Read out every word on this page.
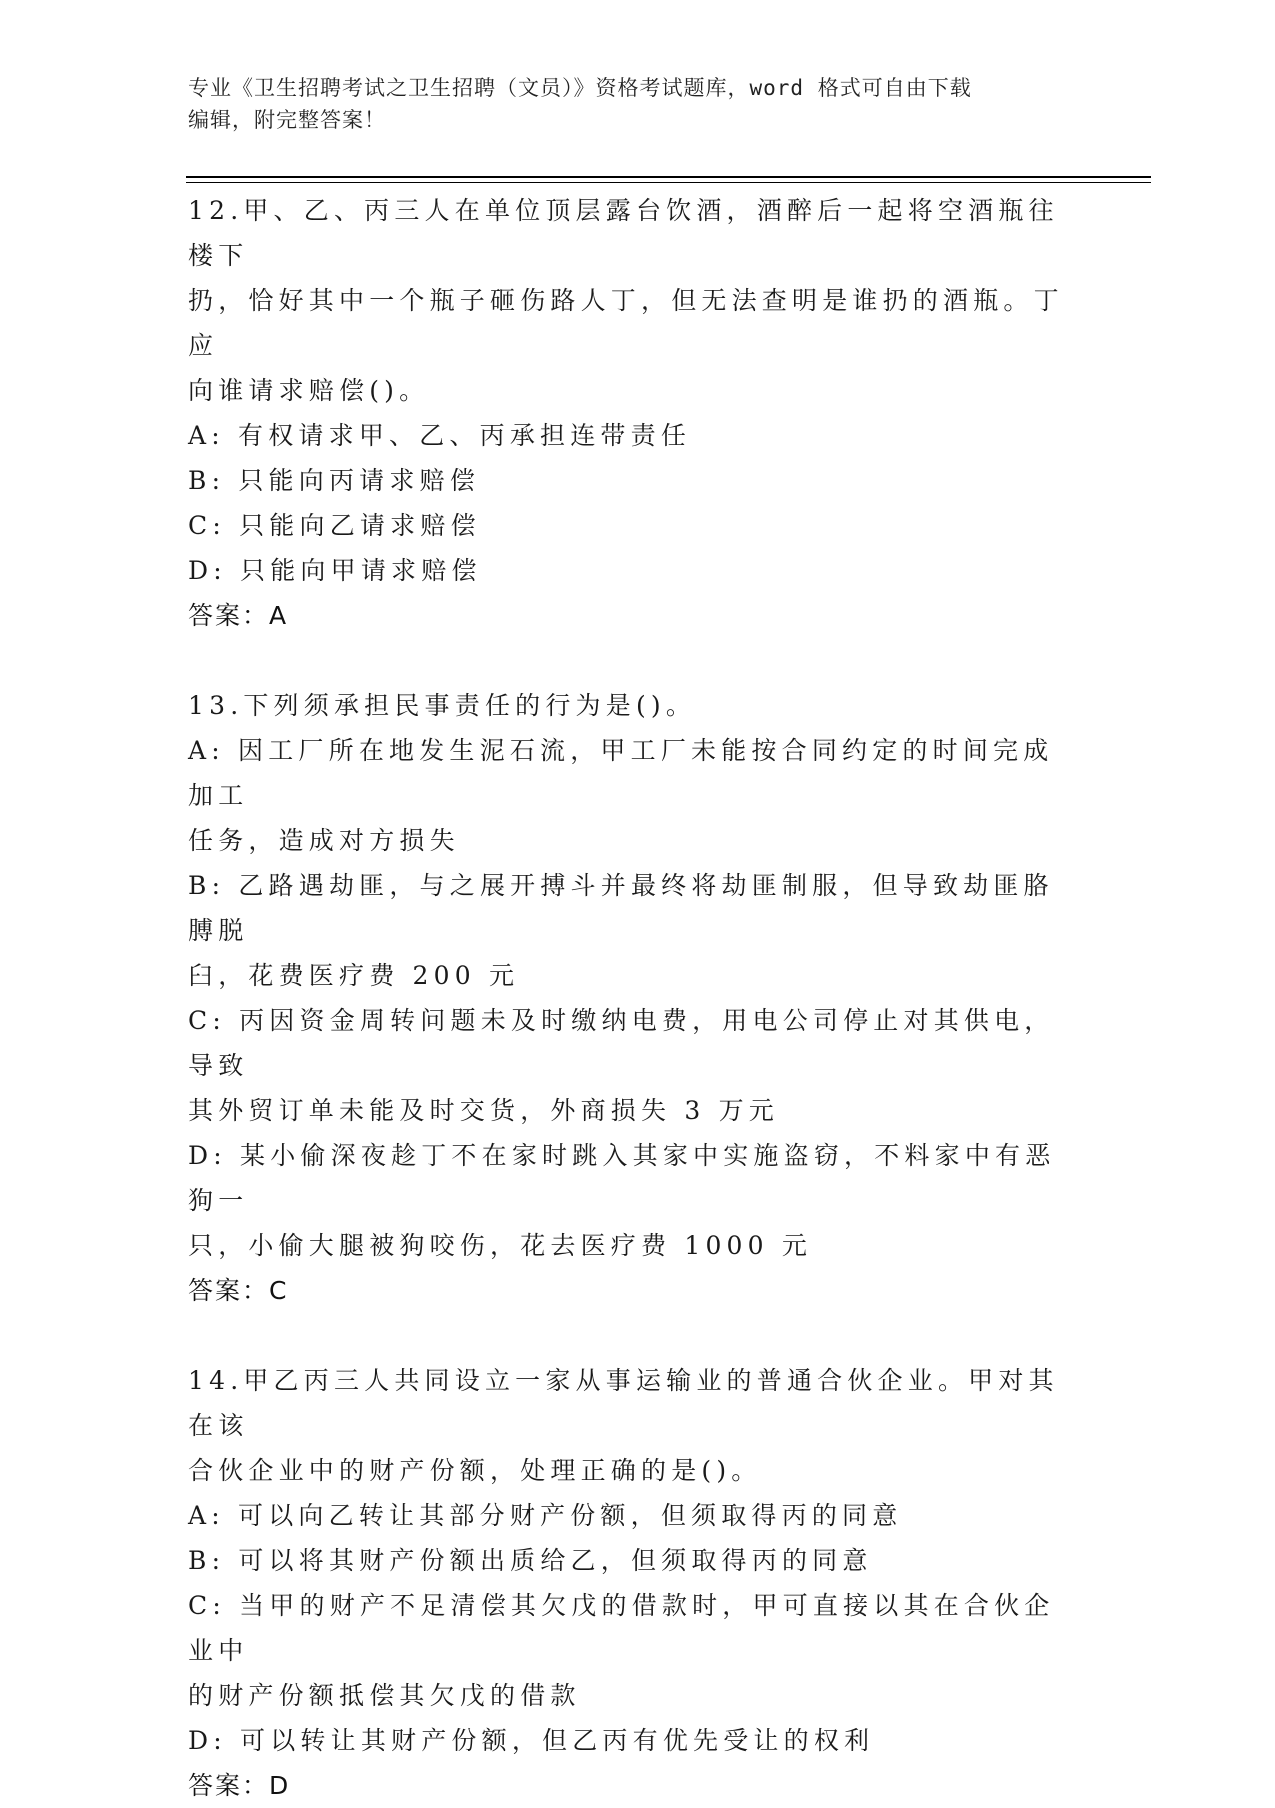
专业《卫生招聘考试之卫生招聘（文员）》资格考试题库，word 格式可自由下载
编辑，附完整答案！

12.甲、乙、丙三人在单位顶层露台饮酒，酒醉后一起将空酒瓶往楼下

扔，恰好其中一个瓶子砸伤路人丁，但无法查明是谁扔的酒瓶。丁应

向谁请求赔偿()。

A: 有权请求甲、乙、丙承担连带责任

B: 只能向丙请求赔偿

C: 只能向乙请求赔偿

D: 只能向甲请求赔偿

答案：A

13.下列须承担民事责任的行为是()。

A: 因工厂所在地发生泥石流，甲工厂未能按合同约定的时间完成加工

任务，造成对方损失

B: 乙路遇劫匪，与之展开搏斗并最终将劫匪制服，但导致劫匪胳膊脱

臼，花费医疗费 200 元

C: 丙因资金周转问题未及时缴纳电费，用电公司停止对其供电，导致

其外贸订单未能及时交货，外商损失 3 万元

D: 某小偷深夜趁丁不在家时跳入其家中实施盗窃，不料家中有恶狗一

只，小偷大腿被狗咬伤，花去医疗费 1000 元

答案：C

14.甲乙丙三人共同设立一家从事运输业的普通合伙企业。甲对其在该

合伙企业中的财产份额，处理正确的是()。

A: 可以向乙转让其部分财产份额，但须取得丙的同意

B: 可以将其财产份额出质给乙，但须取得丙的同意

C: 当甲的财产不足清偿其欠戊的借款时，甲可直接以其在合伙企业中

的财产份额抵偿其欠戊的借款

D: 可以转让其财产份额，但乙丙有优先受让的权利

答案：D
